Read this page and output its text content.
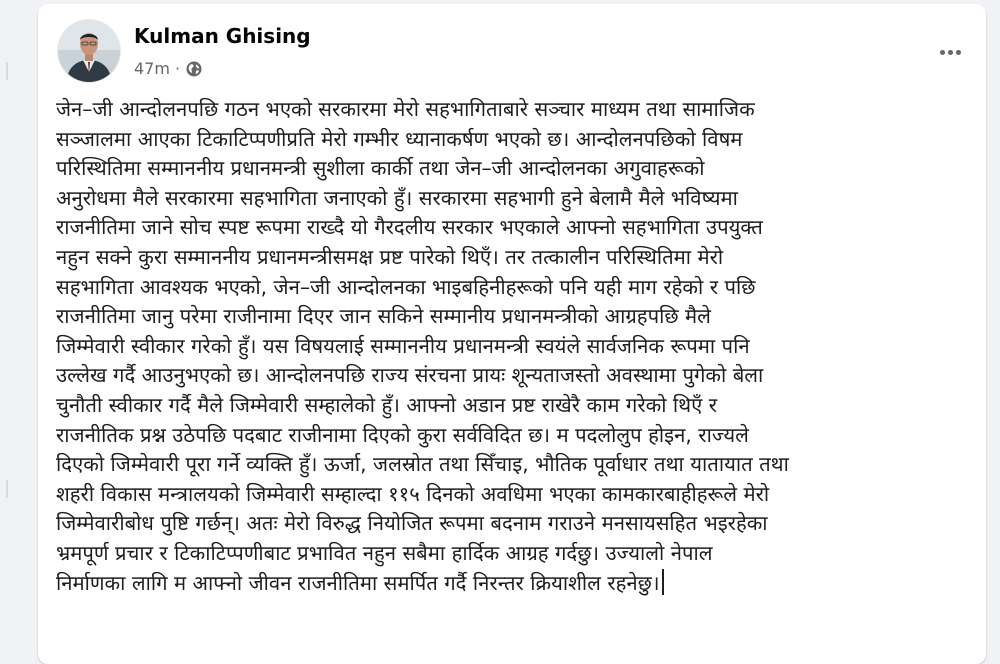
Kulman Ghising
47m ·
जेन–जी आन्दोलनपछि गठन भएको सरकारमा मेरो सहभागिताबारे सञ्चार माध्यम तथा सामाजिक
सञ्जालमा आएका टिकाटिप्पणीप्रति मेरो गम्भीर ध्यानाकर्षण भएको छ। आन्दोलनपछिको विषम
परिस्थितिमा सम्माननीय प्रधानमन्त्री सुशीला कार्की तथा जेन–जी आन्दोलनका अगुवाहरूको
अनुरोधमा मैले सरकारमा सहभागिता जनाएको हुँ। सरकारमा सहभागी हुने बेलामै मैले भविष्यमा
राजनीतिमा जाने सोच स्पष्ट रूपमा राख्दै यो गैरदलीय सरकार भएकाले आफ्नो सहभागिता उपयुक्त
नहुन सक्ने कुरा सम्माननीय प्रधानमन्त्रीसमक्ष प्रष्ट पारेको थिएँ। तर तत्कालीन परिस्थितिमा मेरो
सहभागिता आवश्यक भएको, जेन–जी आन्दोलनका भाइबहिनीहरूको पनि यही माग रहेको र पछि
राजनीतिमा जानु परेमा राजीनामा दिएर जान सकिने सम्मानीय प्रधानमन्त्रीको आग्रहपछि मैले
जिम्मेवारी स्वीकार गरेको हुँ। यस विषयलाई सम्माननीय प्रधानमन्त्री स्वयंले सार्वजनिक रूपमा पनि
उल्लेख गर्दै आउनुभएको छ। आन्दोलनपछि राज्य संरचना प्रायः शून्यताजस्तो अवस्थामा पुगेको बेला
चुनौती स्वीकार गर्दै मैले जिम्मेवारी सम्हालेको हुँ। आफ्नो अडान प्रष्ट राखेरै काम गरेको थिएँ र
राजनीतिक प्रश्न उठेपछि पदबाट राजीनामा दिएको कुरा सर्वविदित छ। म पदलोलुप होइन, राज्यले
दिएको जिम्मेवारी पूरा गर्ने व्यक्ति हुँ। ऊर्जा, जलस्रोत तथा सिँचाइ, भौतिक पूर्वाधार तथा यातायात तथा
शहरी विकास मन्त्रालयको जिम्मेवारी सम्हाल्दा ११५ दिनको अवधिमा भएका कामकारबाहीहरूले मेरो
जिम्मेवारीबोध पुष्टि गर्छन्। अतः मेरो विरुद्ध नियोजित रूपमा बदनाम गराउने मनसायसहित भइरहेका
भ्रमपूर्ण प्रचार र टिकाटिप्पणीबाट प्रभावित नहुन सबैमा हार्दिक आग्रह गर्दछु। उज्यालो नेपाल
निर्माणका लागि म आफ्नो जीवन राजनीतिमा समर्पित गर्दै निरन्तर क्रियाशील रहनेछु।
